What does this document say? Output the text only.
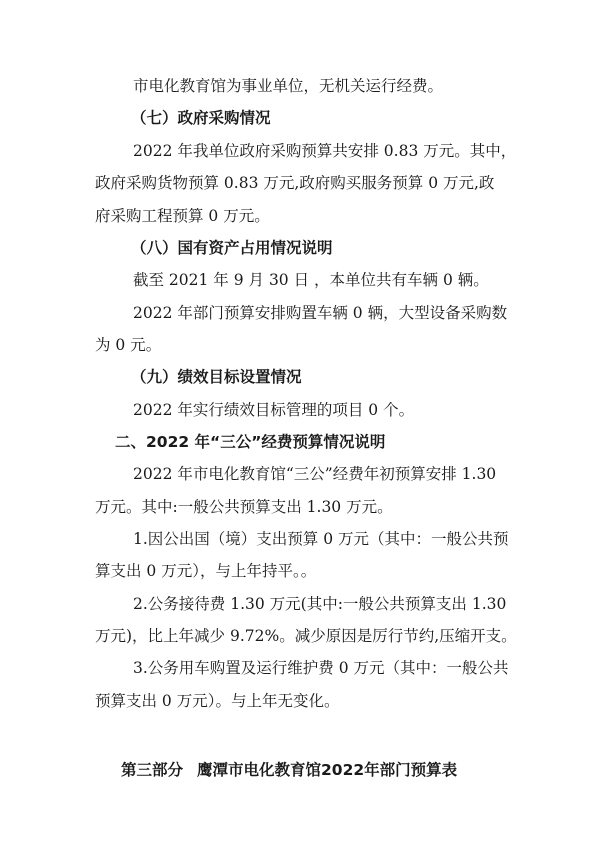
市电化教育馆为事业单位，无机关运行经费。
（七）政府采购情况
2022 年我单位政府采购预算共安排 0.83 万元。其中，
政府采购货物预算 0.83 万元,政府购买服务预算 0 万元,政
府采购工程预算 0 万元。
（八）国有资产占用情况说明
截至 2021 年 9 月 30 日 ，本单位共有车辆 0 辆。
2022 年部门预算安排购置车辆 0 辆，大型设备采购数
为 0 元。
（九）绩效目标设置情况
2022 年实行绩效目标管理的项目 0 个。
二、2022 年“三公”经费预算情况说明
2022 年市电化教育馆“三公”经费年初预算安排 1.30
万元。其中:一般公共预算支出 1.30 万元。
1.因公出国（境）支出预算 0 万元（其中：一般公共预
算支出 0 万元），与上年持平。。
2.公务接待费 1.30 万元(其中:一般公共预算支出 1.30
万元)，比上年减少 9.72%。减少原因是厉行节约,压缩开支。
3.公务用车购置及运行维护费 0 万元（其中：一般公共
预算支出 0 万元）。与上年无变化。
第三部分 鹰潭市电化教育馆2022年部门预算表
